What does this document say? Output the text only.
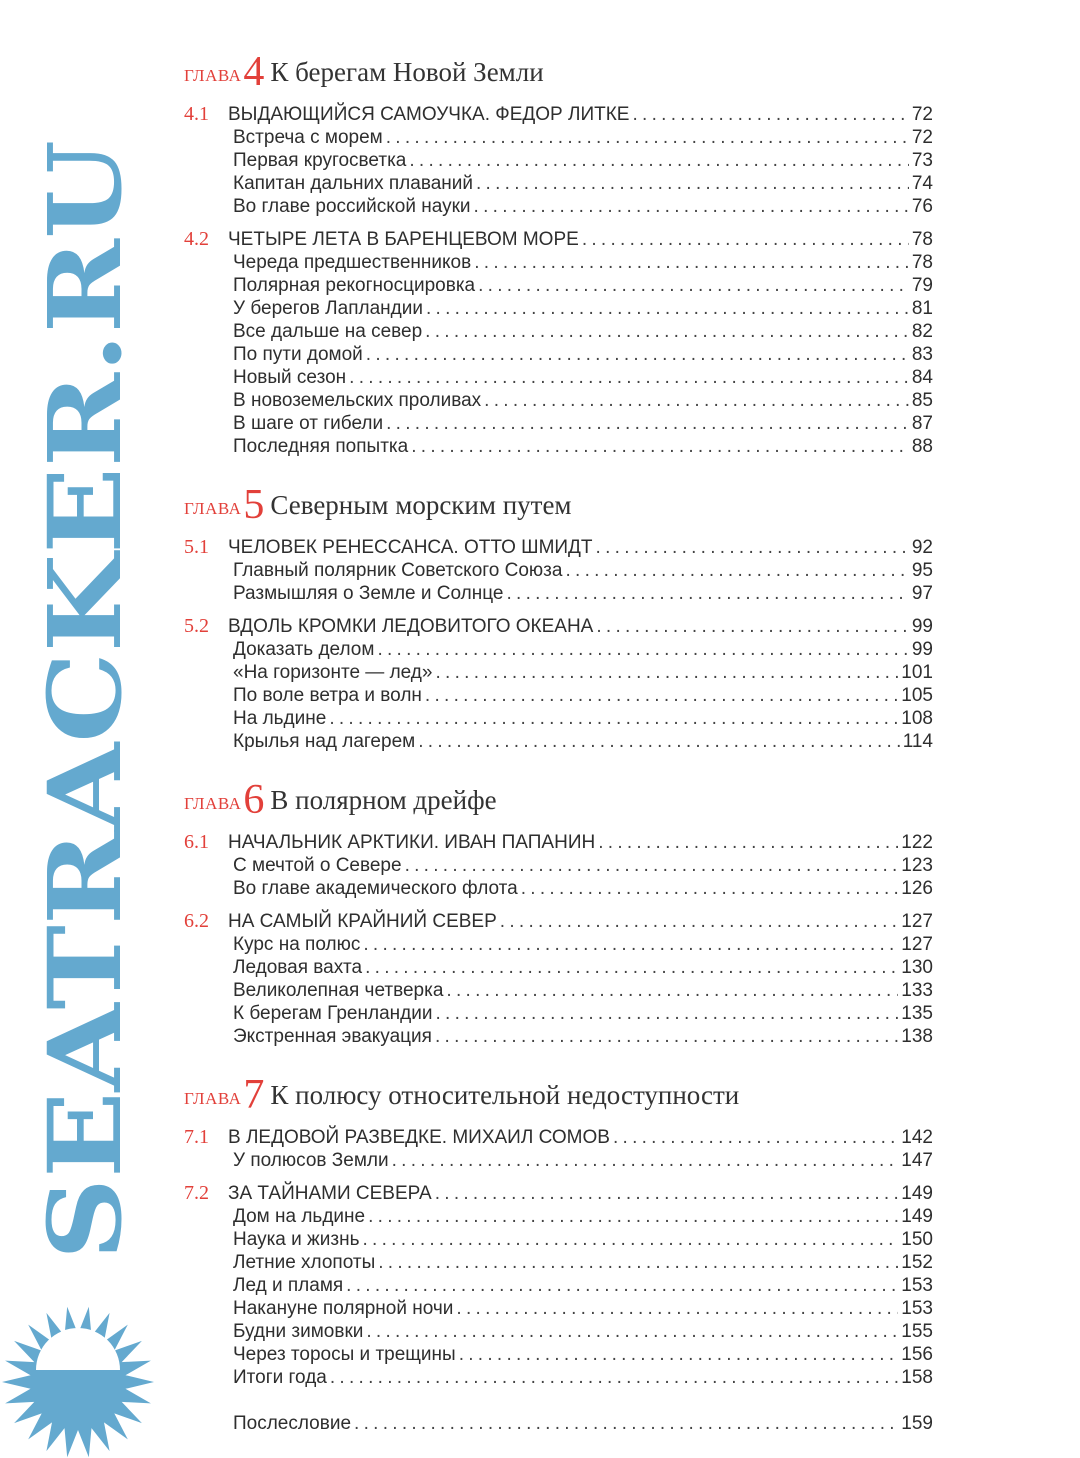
ГЛАВА4 К берегам Новой Земли
4.1	ВЫДАЮЩИЙСЯ САМОУЧКА. ФЕДОР ЛИТКЕ . . .	72
Встреча с морем . . .	72
Первая кругосветка . . .	73
Капитан дальних плаваний . . .	74
Во главе российской науки . . .	76
4.2	ЧЕТЫРЕ ЛЕТА В БАРЕНЦЕВОМ МОРЕ . . .	78
Череда предшественников . . .	78
Полярная рекогносцировка . . .	79
У берегов Лапландии . . .	81
Все дальше на север . . .	82
По пути домой . . .	83
Новый сезон . . .	84
В новоземельских проливах . . .	85
В шаге от гибели . . .	87
Последняя попытка . . .	88
ГЛАВА5 Северным морским путем
5.1	ЧЕЛОВЕК РЕНЕССАНСА. ОТТО ШМИДТ . . .	92
Главный полярник Советского Союза . . .	95
Размышляя о Земле и Солнце . . .	97
5.2	ВДОЛЬ КРОМКИ ЛЕДОВИТОГО ОКЕАНА . . .	99
Доказать делом . . .	99
«На горизонте — лед» . . .	101
По воле ветра и волн . . .	105
На льдине . . .	108
Крылья над лагерем . . .	114
ГЛАВА6 В полярном дрейфе
6.1	НАЧАЛЬНИК АРКТИКИ. ИВАН ПАПАНИН . . .	122
С мечтой о Севере . . .	123
Во главе академического флота . . .	126
6.2	НА САМЫЙ КРАЙНИЙ СЕВЕР . . .	127
Курс на полюс . . .	127
Ледовая вахта . . .	130
Великолепная четверка . . .	133
К берегам Гренландии . . .	135
Экстренная эвакуация . . .	138
ГЛАВА7 К полюсу относительной недоступности
7.1	В ЛЕДОВОЙ РАЗВЕДКЕ. МИХАИЛ СОМОВ . . .	142
У полюсов Земли . . .	147
7.2	ЗА ТАЙНАМИ СЕВЕРА . . .	149
Дом на льдине . . .	149
Наука и жизнь . . .	150
Летние хлопоты . . .	152
Лед и пламя . . .	153
Накануне полярной ночи . . .	153
Будни зимовки . . .	155
Через торосы и трещины . . .	156
Итоги года . . .	158
Послесловие . . .	159
SEATRACKER.RU
